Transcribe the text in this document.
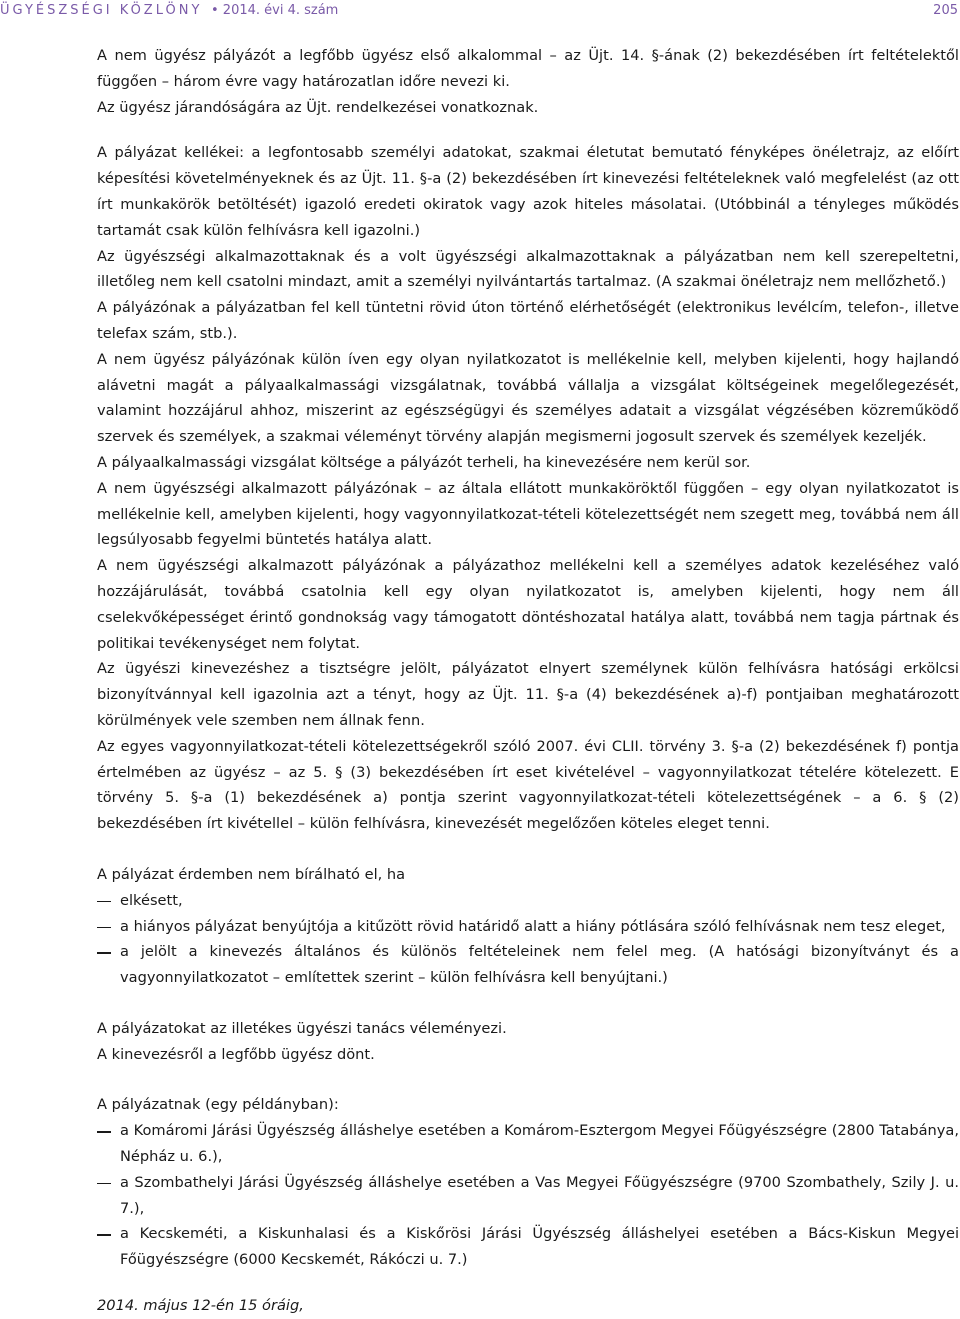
ÜGYÉSZSÉGI KÖZLÖNY • 2014. évi 4. szám	205

A nem ügyész pályázót a legfőbb ügyész első alkalommal – az Üjt. 14. §-ának (2) bekezdésében írt feltételektől függően – három évre vagy határozatlan időre nevezi ki.

Az ügyész járandóságára az Üjt. rendelkezései vonatkoznak.

A pályázat kellékei: a legfontosabb személyi adatokat, szakmai életutat bemutató fényképes önéletrajz, az előírt képesítési követelményeknek és az Üjt. 11. §-a (2) bekezdésében írt kinevezési feltételeknek való megfelelést (az ott írt munkakörök betöltését) igazoló eredeti okiratok vagy azok hiteles másolatai. (Utóbbinál a tényleges működés tartamát csak külön felhívásra kell igazolni.)

Az ügyészségi alkalmazottaknak és a volt ügyészségi alkalmazottaknak a pályázatban nem kell szerepeltetni, illetőleg nem kell csatolni mindazt, amit a személyi nyilvántartás tartalmaz. (A szakmai önéletrajz nem mellőzhető.)

A pályázónak a pályázatban fel kell tüntetni rövid úton történő elérhetőségét (elektronikus levélcím, telefon-, illetve telefax szám, stb.).

A nem ügyész pályázónak külön íven egy olyan nyilatkozatot is mellékelnie kell, melyben kijelenti, hogy hajlandó alávetni magát a pályaalkalmassági vizsgálatnak, továbbá vállalja a vizsgálat költségeinek megelőlegezését, valamint hozzájárul ahhoz, miszerint az egészségügyi és személyes adatait a vizsgálat végzésében közreműködő szervek és személyek, a szakmai véleményt törvény alapján megismerni jogosult szervek és személyek kezeljék.

A pályaalkalmassági vizsgálat költsége a pályázót terheli, ha kinevezésére nem kerül sor.

A nem ügyészségi alkalmazott pályázónak – az általa ellátott munkaköröktől függően – egy olyan nyilatkozatot is mellékelnie kell, amelyben kijelenti, hogy vagyonnyilatkozat-tételi kötelezettségét nem szegett meg, továbbá nem áll legsúlyosabb fegyelmi büntetés hatálya alatt.

A nem ügyészségi alkalmazott pályázónak a pályázathoz mellékelni kell a személyes adatok kezeléséhez való hozzájárulását, továbbá csatolnia kell egy olyan nyilatkozatot is, amelyben kijelenti, hogy nem áll cselekvőképességet érintő gondnokság vagy támogatott döntéshozatal hatálya alatt, továbbá nem tagja pártnak és politikai tevékenységet nem folytat.

Az ügyészi kinevezéshez a tisztségre jelölt, pályázatot elnyert személynek külön felhívásra hatósági erkölcsi bizonyítvánnyal kell igazolnia azt a tényt, hogy az Üjt. 11. §-a (4) bekezdésének a)-f) pontjaiban meghatározott körülmények vele szemben nem állnak fenn.

Az egyes vagyonnyilatkozat-tételi kötelezettségekről szóló 2007. évi CLII. törvény 3. §-a (2) bekezdésének f) pontja értelmében az ügyész – az 5. § (3) bekezdésében írt eset kivételével – vagyonnyilatkozat tételére kötelezett. E törvény 5. §-a (1) bekezdésének a) pontja szerint vagyonnyilatkozat-tételi kötelezettségének – a 6. § (2) bekezdésében írt kivétellel – külön felhívásra, kinevezését megelőzően köteles eleget tenni.

A pályázat érdemben nem bírálható el, ha

elkésett,
a hiányos pályázat benyújtója a kitűzött rövid határidő alatt a hiány pótlására szóló felhívásnak nem tesz eleget,
a jelölt a kinevezés általános és különös feltételeinek nem felel meg. (A hatósági bizonyítványt és a vagyonnyilatkozatot – említettek szerint – külön felhívásra kell benyújtani.)

A pályázatokat az illetékes ügyészi tanács véleményezi.

A kinevezésről a legfőbb ügyész dönt.

A pályázatnak (egy példányban):

a Komáromi Járási Ügyészség álláshelye esetében a Komárom-Esztergom Megyei Főügyészségre (2800 Tatabánya, Népház u. 6.),
a Szombathelyi Járási Ügyészség álláshelye esetében a Vas Megyei Főügyészségre (9700 Szombathely, Szily J. u. 7.),
a Kecskeméti, a Kiskunhalasi és a Kiskőrösi Járási Ügyészség álláshelyei esetében a Bács-Kiskun Megyei Főügyészségre (6000 Kecskemét, Rákóczi u. 7.)

2014. május 12-én 15 óráig,
